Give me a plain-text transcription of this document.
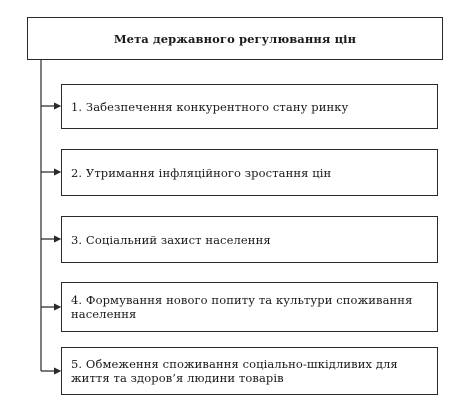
Мета державного регулювання цін
1. Забезпечення конкурентного стану ринку
2. Утримання інфляційного зростання цін
3. Соціальний захист населення
4. Формування нового попиту та культури споживання населення
5. Обмеження споживання соціально-шкідливих для життя та здоров’я людини товарів
